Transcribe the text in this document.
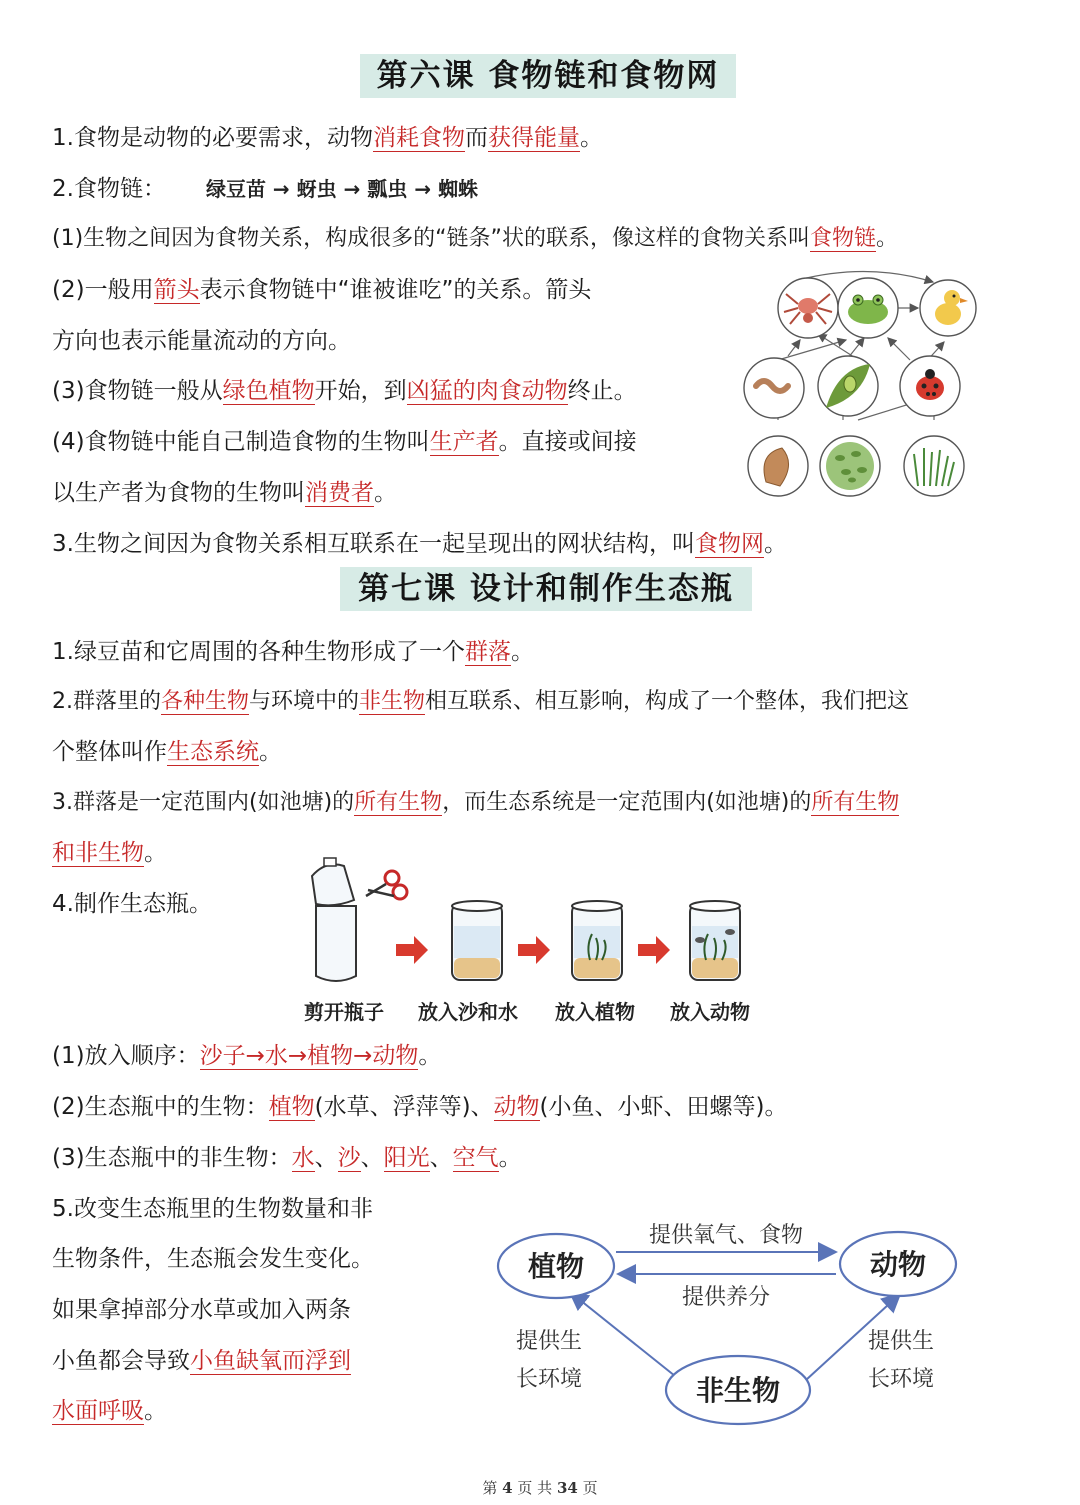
第六课 食物链和食物网
1.食物是动物的必要需求，动物消耗食物而获得能量。
2.食物链： 绿豆苗 → 蚜虫 → 瓢虫 → 蜘蛛
(1)生物之间因为食物关系，构成很多的“链条”状的联系，像这样的食物关系叫食物链。
(2)一般用箭头表示食物链中“谁被谁吃”的关系。箭头
方向也表示能量流动的方向。
(3)食物链一般从绿色植物开始，到凶猛的肉食动物终止。
(4)食物链中能自己制造食物的生物叫生产者。直接或间接
以生产者为食物的生物叫消费者。
3.生物之间因为食物关系相互联系在一起呈现出的网状结构，叫食物网。
第七课 设计和制作生态瓶
1.绿豆苗和它周围的各种生物形成了一个群落。
2.群落里的各种生物与环境中的非生物相互联系、相互影响，构成了一个整体，我们把这
个整体叫作生态系统。
3.群落是一定范围内(如池塘)的所有生物，而生态系统是一定范围内(如池塘)的所有生物
和非生物。
4.制作生态瓶。
剪开瓶子 放入沙和水 放入植物 放入动物
(1)放入顺序：沙子→水→植物→动物。
(2)生态瓶中的生物：植物(水草、浮萍等)、动物(小鱼、小虾、田螺等)。
(3)生态瓶中的非生物：水、沙、阳光、空气。
5.改变生态瓶里的生物数量和非
生物条件，生态瓶会发生变化。
如果拿掉部分水草或加入两条
小鱼都会导致小鱼缺氧而浮到
水面呼吸。
植物	动物
非生物
提供氧气、食物
提供养分
提供生
长环境
提供生
长环境
第 4 页 共 34 页
